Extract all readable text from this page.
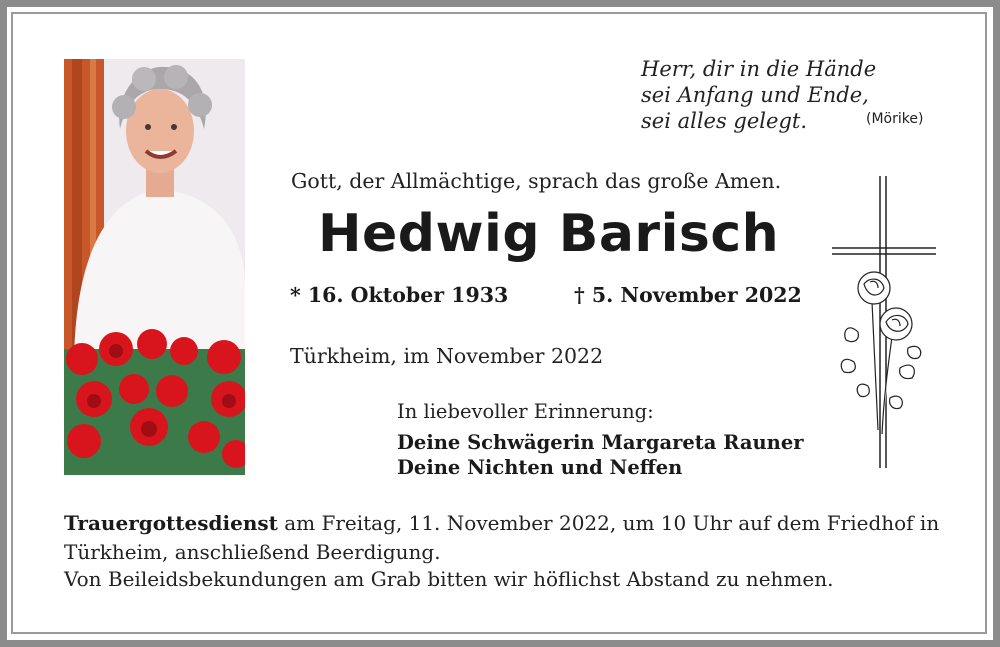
Herr, dir in die Hände
sei Anfang und Ende,
sei alles gelegt.	(Mörike)
Gott, der Allmächtige, sprach das große Amen.
Hedwig Barisch
* 16. Oktober 1933	† 5. November 2022
Türkheim, im November 2022
In liebevoller Erinnerung:
Deine Schwägerin Margareta Rauner
Deine Nichten und Neffen
Trauergottesdienst am Freitag, 11. November 2022, um 10 Uhr auf dem Friedhof in Türkheim, anschließend Beerdigung.
Von Beileidsbekundungen am Grab bitten wir höflichst Abstand zu nehmen.
